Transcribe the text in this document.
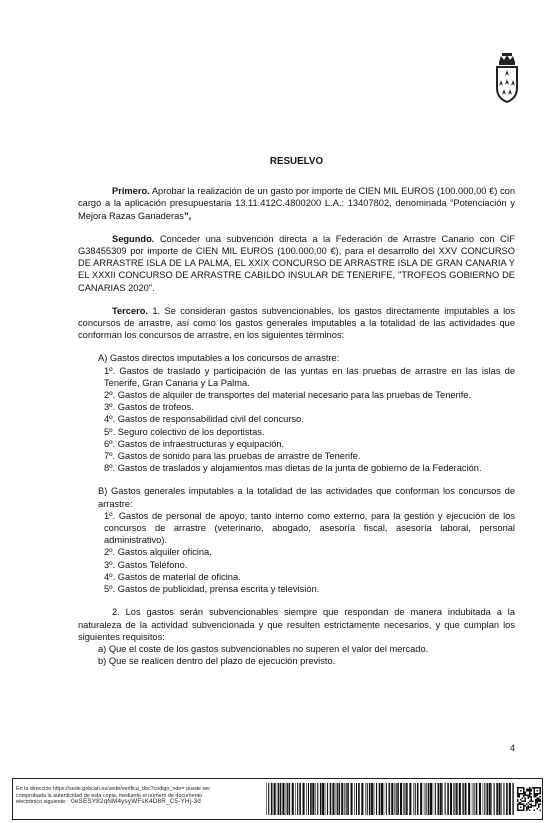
RESUELVO

Primero. Aprobar la realización de un gasto por importe de CIEN MIL EUROS (100.000,00 €) con cargo a la aplicación presupuestaria 13.11.412C.4800200 L.A.: 13407802, denominada “Potenciación y Mejora Razas Ganaderas”,

Segundo. Conceder una subvención directa a la Federación de Arrastre Canario con CIF G38455309 por importe de CIEN MIL EUROS (100.000,00 €), para el desarrollo del XXV CONCURSO DE ARRASTRE ISLA DE LA PALMA, EL XXIX CONCURSO DE ARRASTRE ISLA DE GRAN CANARIA Y EL XXXII CONCURSO DE ARRASTRE CABILDO INSULAR DE TENERIFE, "TROFEOS GOBIERNO DE CANARIAS 2020".

Tercero. 1. Se consideran gastos subvencionables, los gastos directamente imputables a los concursos de arrastre, así como los gastos generales imputables a la totalidad de las actividades que conforman los concursos de arrastre, en los siguientes términos:

A) Gastos directos imputables a los concursos de arrastre:
1º. Gastos de traslado y participación de las yuntas en las pruebas de arrastre en las islas de Tenerife, Gran Canaria y La Palma.
2º. Gastos de alquiler de transportes del material necesario para las pruebas de Tenerife.
3º. Gastos de trofeos.
4º. Gastos de responsabilidad civil del concurso.
5º. Seguro colectivo de los deportistas.
6º. Gastos de infraestructuras y equipación.
7º. Gastos de sonido para las pruebas de arrastre de Tenerife.
8º. Gastos de traslados y alojamientos mas dietas de la junta de gobierno de la Federación.
B) Gastos generales imputables a la totalidad de las actividades que conforman los concursos de arrastre:
1º. Gastos de personal de apoyo, tanto interno como externo, para la gestión y ejecución de los concursos de arrastre (veterinario, abogado, asesoría fiscal, asesoría laboral, personal administrativo).
2º. Gastos alquiler oficina.
3º. Gastos Teléfono.
4º. Gastos de material de oficina.
5º. Gastos de publicidad, prensa escrita y televisión.
2. Los gastos serán subvencionables siempre que respondan de manera indubitada a la naturaleza de la actividad subvencionada y que resulten estrictamente necesarios, y que cumplan los siguientes requisitos:
a) Que el coste de los gastos subvencionables no superen el valor del mercado.
b) Que se realicen dentro del plazo de ejecución previsto.
4
En la dirección https://sede.gobcan.es/sede/verifica_doc?codigo_nde= puede ser
comprobada la autenticidad de esta copia, mediante el número de documento
electrónico siguiente: 0eSESY82qNM4ysyWFsK4D8R_C5-YHj-3d
